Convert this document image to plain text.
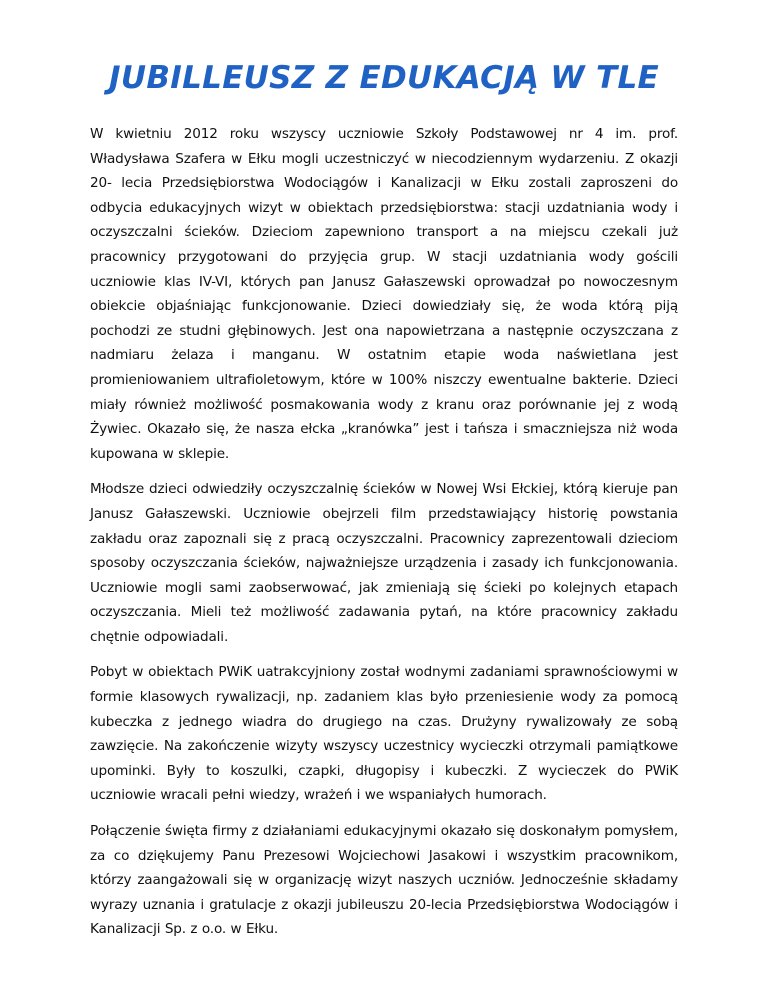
JUBILLEUSZ Z EDUKACJĄ W TLE

W kwietniu 2012 roku wszyscy uczniowie Szkoły Podstawowej nr 4 im. prof. Władysława Szafera w Ełku mogli uczestniczyć w niecodziennym wydarzeniu. Z okazji 20- lecia Przedsiębiorstwa Wodociągów i Kanalizacji w Ełku zostali zaproszeni do odbycia edukacyjnych wizyt w obiektach przedsiębiorstwa: stacji uzdatniania wody i oczyszczalni ścieków. Dzieciom zapewniono transport a na miejscu czekali już pracownicy przygotowani do przyjęcia grup. W stacji uzdatniania wody gościli uczniowie klas IV-VI, których pan Janusz Gałaszewski oprowadzał po nowoczesnym obiekcie objaśniając funkcjonowanie. Dzieci dowiedziały się, że woda którą piją pochodzi ze studni głębinowych. Jest ona napowietrzana a następnie oczyszczana z nadmiaru żelaza i manganu. W ostatnim etapie woda naświetlana jest promieniowaniem ultrafioletowym, które w 100% niszczy ewentualne bakterie. Dzieci miały również możliwość posmakowania wody z kranu oraz porównanie jej z wodą Żywiec. Okazało się, że nasza ełcka „kranówka” jest i tańsza i smaczniejsza niż woda kupowana w sklepie.

Młodsze dzieci odwiedziły oczyszczalnię ścieków w Nowej Wsi Ełckiej, którą kieruje pan Janusz Gałaszewski. Uczniowie obejrzeli film przedstawiający historię powstania zakładu oraz zapoznali się z pracą oczyszczalni. Pracownicy zaprezentowali dzieciom sposoby oczyszczania ścieków, najważniejsze urządzenia i zasady ich funkcjonowania. Uczniowie mogli sami zaobserwować, jak zmieniają się ścieki po kolejnych etapach oczyszczania. Mieli też możliwość zadawania pytań, na które pracownicy zakładu chętnie odpowiadali.

Pobyt w obiektach PWiK uatrakcyjniony został wodnymi zadaniami sprawnościowymi w formie klasowych rywalizacji, np. zadaniem klas było przeniesienie wody za pomocą kubeczka z jednego wiadra do drugiego na czas. Drużyny rywalizowały ze sobą zawzięcie. Na zakończenie wizyty wszyscy uczestnicy wycieczki otrzymali pamiątkowe upominki. Były to koszulki, czapki, długopisy i kubeczki. Z wycieczek do PWiK uczniowie wracali pełni wiedzy, wrażeń i we wspaniałych humorach.

Połączenie święta firmy z działaniami edukacyjnymi okazało się doskonałym pomysłem, za co dziękujemy Panu Prezesowi Wojciechowi Jasakowi i wszystkim pracownikom, którzy zaangażowali się w organizację wizyt naszych uczniów. Jednocześnie składamy wyrazy uznania i gratulacje z okazji jubileuszu 20-lecia Przedsiębiorstwa Wodociągów i Kanalizacji Sp. z o.o. w Ełku.
